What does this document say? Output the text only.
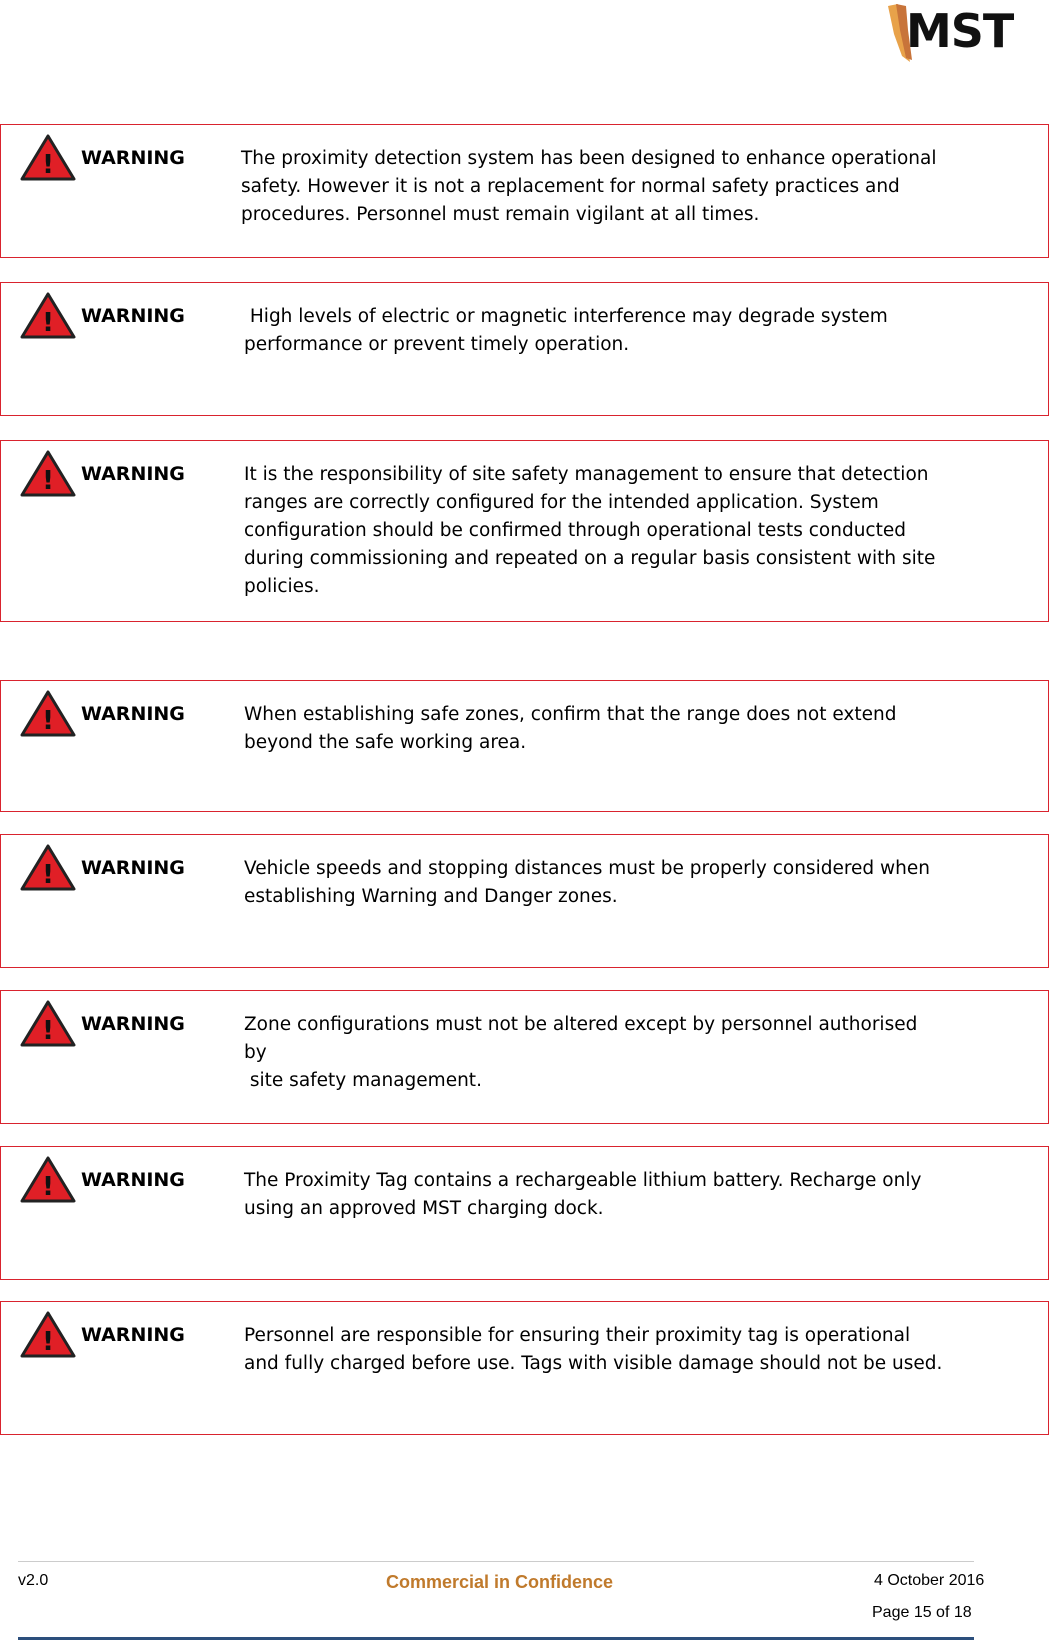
MST
! WARNING	The proximity detection system has been designed to enhance operational
safety. However it is not a replacement for normal safety practices and
procedures. Personnel must remain vigilant at all times.
! WARNING	High levels of electric or magnetic interference may degrade system
performance or prevent timely operation.
! WARNING	It is the responsibility of site safety management to ensure that detection
ranges are correctly configured for the intended application. System
configuration should be confirmed through operational tests conducted
during commissioning and repeated on a regular basis consistent with site
policies.
! WARNING	When establishing safe zones, confirm that the range does not extend
beyond the safe working area.
! WARNING	Vehicle speeds and stopping distances must be properly considered when
establishing Warning and Danger zones.
! WARNING	Zone configurations must not be altered except by personnel authorised by
site safety management.
! WARNING	The Proximity Tag contains a rechargeable lithium battery. Recharge only
using an approved MST charging dock.
! WARNING	Personnel are responsible for ensuring their proximity tag is operational
and fully charged before use. Tags with visible damage should not be used.
v2.0	Commercial in Confidence	4 October 2016
Page 15 of 18
